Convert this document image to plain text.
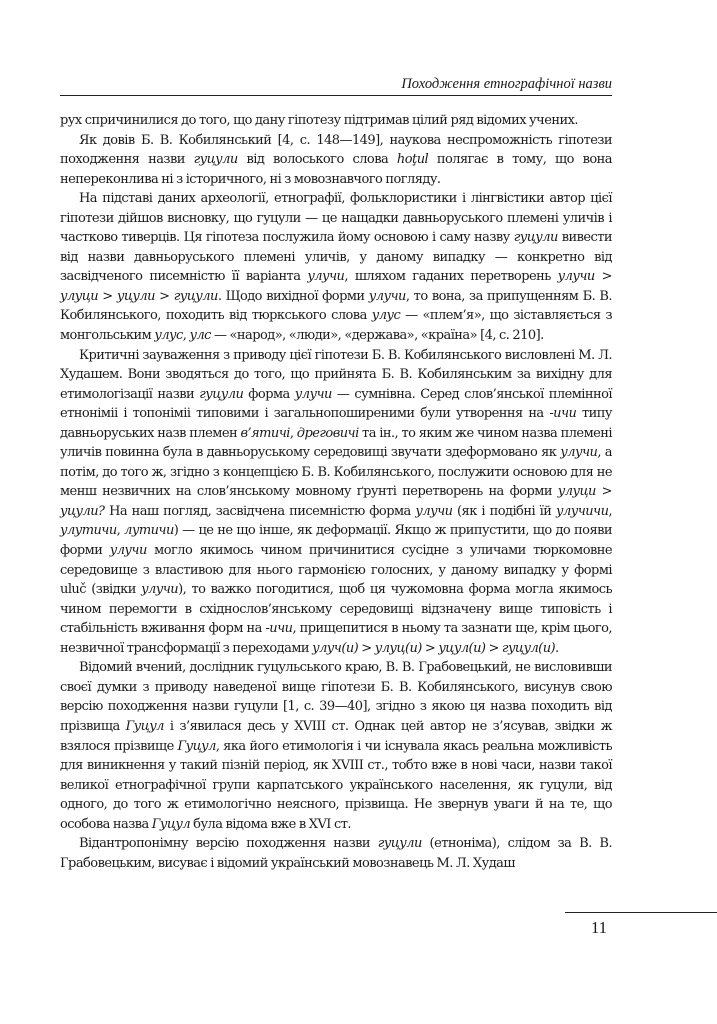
Походження етнографічної назви

рух спричинилися до того, що дану гіпотезу підтримав цілий ряд відомих учених.

Як довів Б. В. Кобилянський [4, с. 148—149], наукова неспроможність гіпотези походження назви гуцули від волоського слова hoţul полягає в тому, що вона непереконлива ні з історичного, ні з мовознавчого погляду.

На підставі даних археології, етнографії, фольклористики і лінгвістики автор цієї гіпотези дійшов висновку, що гуцули — це нащадки давньоруського племені уличів і частково тиверців. Ця гіпотеза послужила йому основою і саму назву гуцули вивести від назви давньоруського племені уличів, у даному випадку — конкретно від засвідченого писемністю її варіанта улучи, шляхом гаданих перетворень улучи > улуци > уцули > гуцули. Щодо вихідної форми улучи, то вона, за припущенням Б. В. Кобилянського, походить від тюркського слова улус — «плем’я», що зіставляється з монгольським улус, улс — «народ», «люди», «держава», «країна» [4, с. 210].

Критичні зауваження з приводу цієї гіпотези Б. В. Кобилянського висловлені М. Л. Худашем. Вони зводяться до того, що прийнята Б. В. Кобилянським за вихідну для етимологізації назви гуцули форма улучи — сумнівна. Серед слов’янської племінної етноніміі і топоніміі типовими і загальнопоширеними були утворення на -ичи типу давньоруських назв племен в’ятичі, дреговичі та ін., то яким же чином назва племені уличів повинна була в давньоруському середовищі звучати здеформовано як улучи, а потім, до того ж, згідно з концепцією Б. В. Кобилянського, послужити основою для не менш незвичних на слов’янському мовному ґрунті перетворень на форми улуци > уцули? На наш погляд, засвідчена писемністю форма улучи (як і подібні їй улучичи, улутичи, лутичи) — це не що інше, як деформації. Якщо ж припустити, що до появи форми улучи могло якимось чином причинитися сусідне з уличами тюркомовне середовище з властивою для нього гармонією голосних, у даному випадку у формі uluč (звідки улучи), то важко погодитися, щоб ця чужомовна форма могла якимось чином перемогти в східнослов’янському середовищі відзначену вище типовість і стабільність вживання форм на -ичи, прищепитися в ньому та зазнати ще, крім цього, незвичної трансформації з переходами улуч(и) > улуц(и) > уцул(и) > гуцул(и).

Відомий вчений, дослідник гуцульського краю, В. В. Грабовецький, не висловивши своєї думки з приводу наведеної вище гіпотези Б. В. Кобилянського, висунув свою версію походження назви гуцули [1, с. 39—40], згідно з якою ця назва походить від прізвища Гуцул і з’явилася десь у XVIII ст. Однак цей автор не з’ясував, звідки ж взялося прізвище Гуцул, яка його етимологія і чи існувала якась реальна можливість для виникнення у такий пізній період, як XVIII ст., тобто вже в нові часи, назви такої великої етнографічної групи карпатського українського населення, як гуцули, від одного, до того ж етимологічно неясного, прізвища. Не звернув уваги й на те, що особова назва Гуцул була відома вже в XVI ст.

Відантропонімну версію походження назви гуцули (етноніма), слідом за В. В. Грабовецьким, висуває і відомий український мовознавець М. Л. Худаш

11
